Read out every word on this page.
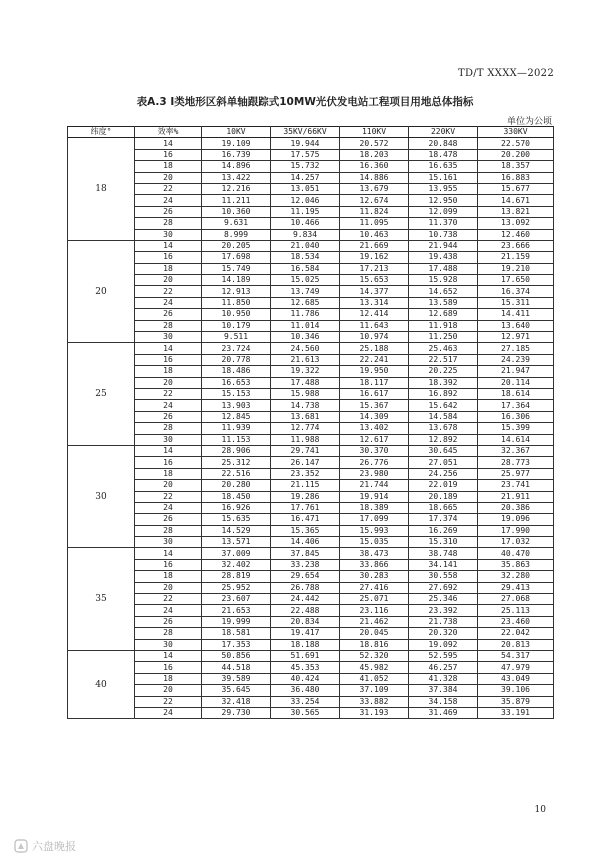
TD/T XXXX—2022
表A.3 Ⅰ类地形区斜单轴跟踪式10MW光伏发电站工程项目用地总体指标
单位为公顷
纬度°	效率%	10KV	35KV/66KV	110KV	220KV	330KV
18	14	19.109	19.944	20.572	20.848	22.570
	16	16.739	17.575	18.203	18.478	20.200
	18	14.896	15.732	16.360	16.635	18.357
	20	13.422	14.257	14.886	15.161	16.883
	22	12.216	13.051	13.679	13.955	15.677
	24	11.211	12.046	12.674	12.950	14.671
	26	10.360	11.195	11.824	12.099	13.821
	28	9.631	10.466	11.095	11.370	13.092
	30	8.999	9.834	10.463	10.738	12.460
20	14	20.205	21.040	21.669	21.944	23.666
	16	17.698	18.534	19.162	19.438	21.159
	18	15.749	16.584	17.213	17.488	19.210
	20	14.189	15.025	15.653	15.928	17.650
	22	12.913	13.749	14.377	14.652	16.374
	24	11.850	12.685	13.314	13.589	15.311
	26	10.950	11.786	12.414	12.689	14.411
	28	10.179	11.014	11.643	11.918	13.640
	30	9.511	10.346	10.974	11.250	12.971
25	14	23.724	24.560	25.188	25.463	27.185
	16	20.778	21.613	22.241	22.517	24.239
	18	18.486	19.322	19.950	20.225	21.947
	20	16.653	17.488	18.117	18.392	20.114
	22	15.153	15.988	16.617	16.892	18.614
	24	13.903	14.738	15.367	15.642	17.364
	26	12.845	13.681	14.309	14.584	16.306
	28	11.939	12.774	13.402	13.678	15.399
	30	11.153	11.988	12.617	12.892	14.614
30	14	28.906	29.741	30.370	30.645	32.367
	16	25.312	26.147	26.776	27.051	28.773
	18	22.516	23.352	23.980	24.256	25.977
	20	20.280	21.115	21.744	22.019	23.741
	22	18.450	19.286	19.914	20.189	21.911
	24	16.926	17.761	18.389	18.665	20.386
	26	15.635	16.471	17.099	17.374	19.096
	28	14.529	15.365	15.993	16.269	17.990
	30	13.571	14.406	15.035	15.310	17.032
35	14	37.009	37.845	38.473	38.748	40.470
	16	32.402	33.238	33.866	34.141	35.863
	18	28.819	29.654	30.283	30.558	32.280
	20	25.952	26.788	27.416	27.692	29.413
	22	23.607	24.442	25.071	25.346	27.068
	24	21.653	22.488	23.116	23.392	25.113
	26	19.999	20.834	21.462	21.738	23.460
	28	18.581	19.417	20.045	20.320	22.042
	30	17.353	18.188	18.816	19.092	20.813
40	14	50.856	51.691	52.320	52.595	54.317
	16	44.518	45.353	45.982	46.257	47.979
	18	39.589	40.424	41.052	41.328	43.049
	20	35.645	36.480	37.109	37.384	39.106
	22	32.418	33.254	33.882	34.158	35.879
	24	29.730	30.565	31.193	31.469	33.191
10
六盘晚报
